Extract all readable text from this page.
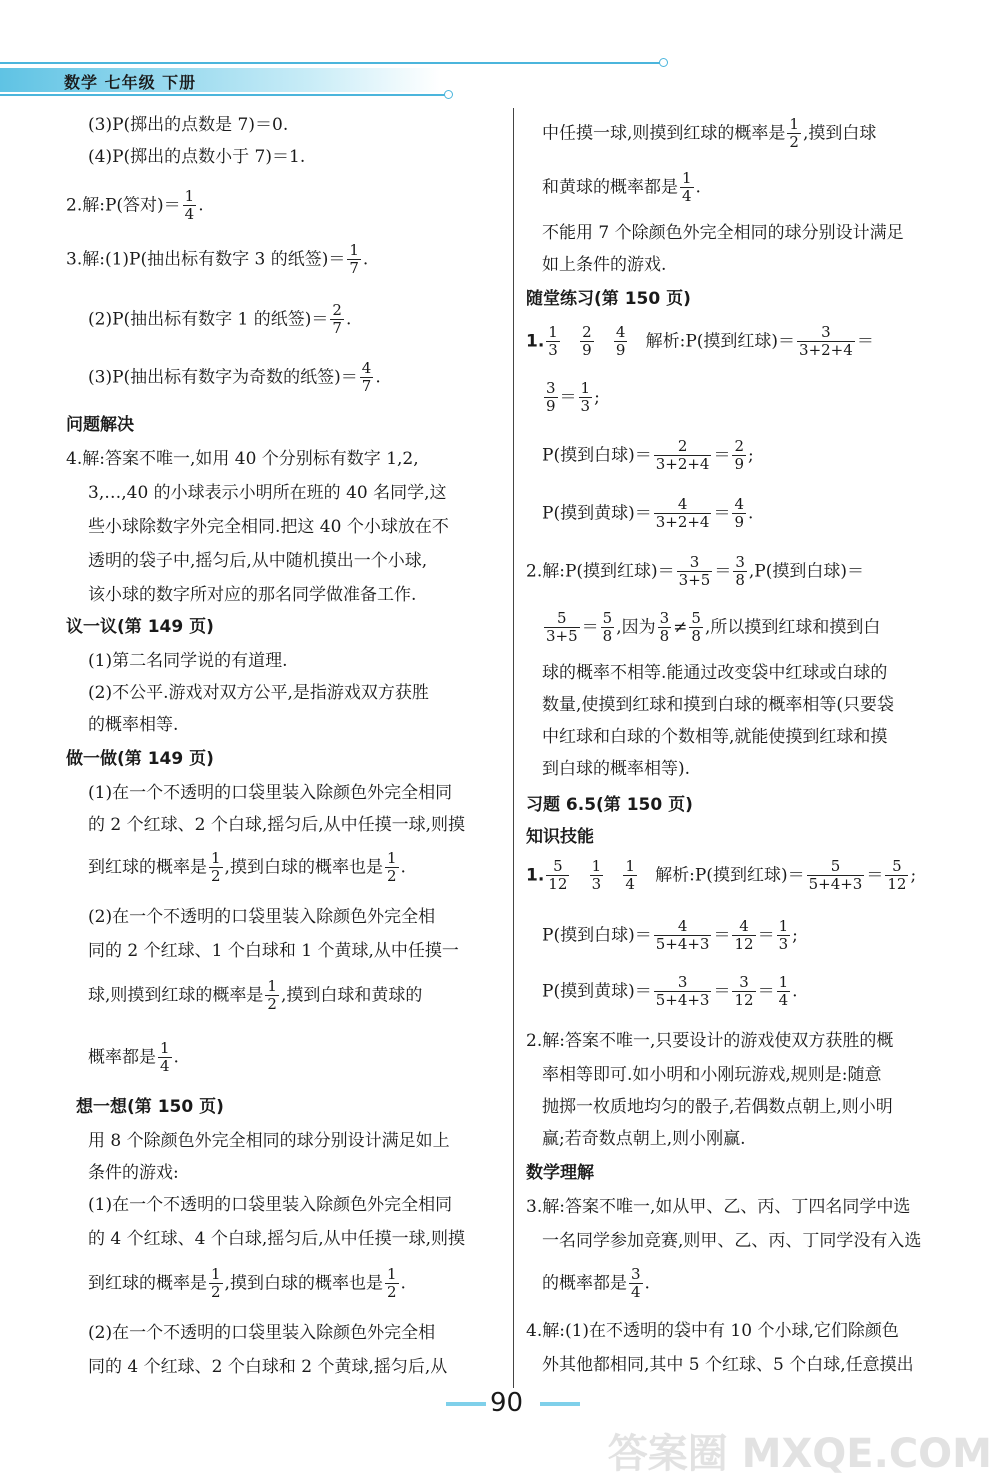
数学 七年级 下册
(3)P(掷出的点数是 7)＝0.
(4)P(掷出的点数小于 7)＝1.
2.解:P(答对)＝ $\frac{1}{4}$ .
3.解:(1)P(抽出标有数字 3 的纸签)＝ $\frac{1}{7}$ .
(2)P(抽出标有数字 1 的纸签)＝ $\frac{2}{7}$ .
(3)P(抽出标有数字为奇数的纸签)＝ $\frac{4}{7}$ .
问题解决
4.解:答案不唯一,如用 40 个分别标有数字 1,2,
3,…,40 的小球表示小明所在班的 40 名同学,这
些小球除数字外完全相同.把这 40 个小球放在不
透明的袋子中,摇匀后,从中随机摸出一个小球,
该小球的数字所对应的那名同学做准备工作.
议一议(第 149 页)
(1)第二名同学说的有道理.
(2)不公平.游戏对双方公平,是指游戏双方获胜
的概率相等.
做一做(第 149 页)
(1)在一个不透明的口袋里装入除颜色外完全相同
的 2 个红球、2 个白球,摇匀后,从中任摸一球,则摸
到红球的概率是 $\frac{1}{2}$ ,摸到白球的概率也是 $\frac{1}{2}$ .
(2)在一个不透明的口袋里装入除颜色外完全相
同的 2 个红球、1 个白球和 1 个黄球,从中任摸一
球,则摸到红球的概率是 $\frac{1}{2}$ ,摸到白球和黄球的
概率都是 $\frac{1}{4}$ .
想一想(第 150 页)
用 8 个除颜色外完全相同的球分别设计满足如上
条件的游戏:
(1)在一个不透明的口袋里装入除颜色外完全相同
的 4 个红球、4 个白球,摇匀后,从中任摸一球,则摸
到红球的概率是 $\frac{1}{2}$ ,摸到白球的概率也是 $\frac{1}{2}$ .
(2)在一个不透明的口袋里装入除颜色外完全相
同的 4 个红球、2 个白球和 2 个黄球,摇匀后,从
中任摸一球,则摸到红球的概率是 $\frac{1}{2}$ ,摸到白球
和黄球的概率都是 $\frac{1}{4}$ .
不能用 7 个除颜色外完全相同的球分别设计满足
如上条件的游戏.
随堂练习(第 150 页)
1. $\frac{1}{3}$
$\frac{2}{9}$
$\frac{4}{9}$ 解析:P(摸到红球)＝ $\frac{3}{3+2+4}$ ＝
$\frac{3}{9} = \frac{1}{3}$ ;
P(摸到白球)＝ $\frac{2}{3+2+4} = \frac{2}{9}$ ;
P(摸到黄球)＝ $\frac{4}{3+2+4} = \frac{4}{9}$ .
2.解:P(摸到红球)＝ $\frac{3}{3+5} = \frac{3}{8} ,P$(摸到白球)＝
$\frac{5}{3+5} = \frac{5}{8}$ ,因为 $\frac{3}{8} \ne \frac{5}{8}$ ,所以摸到红球和摸到白
球的概率不相等.能通过改变袋中红球或白球的
数量,使摸到红球和摸到白球的概率相等(只要袋
中红球和白球的个数相等,就能使摸到红球和摸
到白球的概率相等).
习题 6.5(第 150 页)
知识技能
1. $\frac{5}{12}$
$\frac{1}{3}$
$\frac{1}{4}$ 解析:P(摸到红球)＝ $\frac{5}{5+4+3} = \frac{5}{12}$ ;
P(摸到白球)＝ $\frac{4}{5+4+3} = \frac{4}{12} = \frac{1}{3}$ ;
P(摸到黄球)＝ $\frac{3}{5+4+3} = \frac{3}{12} = \frac{1}{4}$ .
2.解:答案不唯一,只要设计的游戏使双方获胜的概
率相等即可.如小明和小刚玩游戏,规则是:随意
抛掷一枚质地均匀的骰子,若偶数点朝上,则小明
赢;若奇数点朝上,则小刚赢.
数学理解
3.解:答案不唯一,如从甲、乙、丙、丁四名同学中选
一名同学参加竞赛,则甲、乙、丙、丁同学没有入选
的概率都是 $\frac{3}{4}$ .
4.解:(1)在不透明的袋中有 10 个小球,它们除颜色
外其他都相同,其中 5 个红球、5 个白球,任意摸出
90
答案圈 MXQE.COM
